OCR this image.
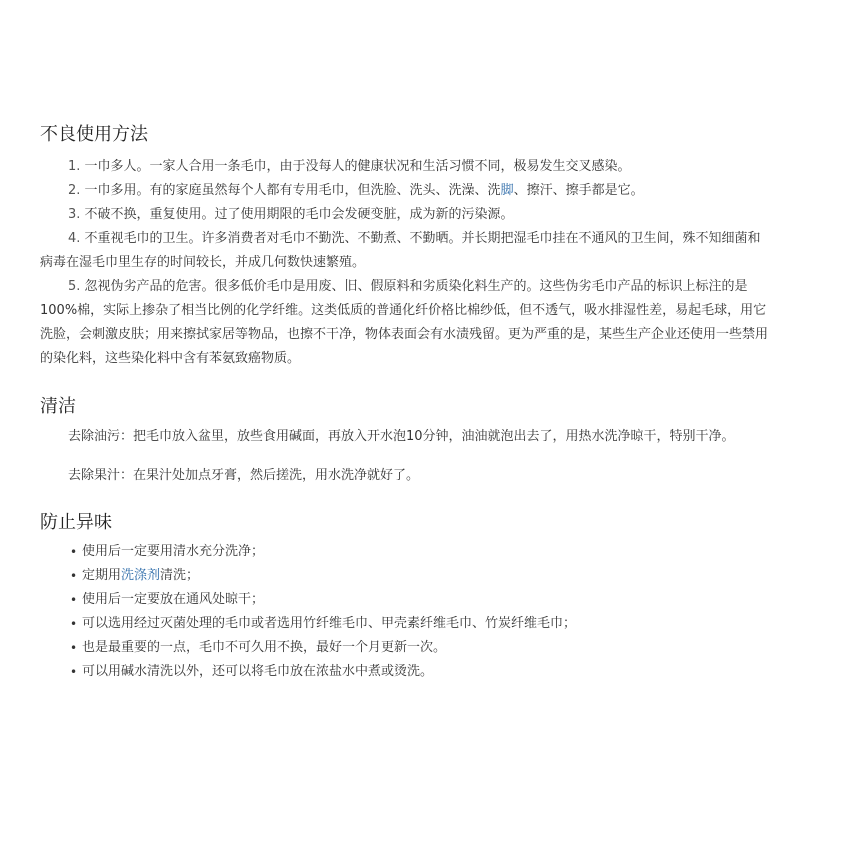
不良使用方法
1. 一巾多人。一家人合用一条毛巾，由于没每人的健康状况和生活习惯不同，极易发生交叉感染。
2. 一巾多用。有的家庭虽然每个人都有专用毛巾，但洗脸、洗头、洗澡、洗脚、擦汗、擦手都是它。
3. 不破不换，重复使用。过了使用期限的毛巾会发硬变脏，成为新的污染源。
4. 不重视毛巾的卫生。许多消费者对毛巾不勤洗、不勤煮、不勤晒。并长期把湿毛巾挂在不通风的卫生间，殊不知细菌和
病毒在湿毛巾里生存的时间较长，并成几何数快速繁殖。
5. 忽视伪劣产品的危害。很多低价毛巾是用废、旧、假原料和劣质染化料生产的。这些伪劣毛巾产品的标识上标注的是
100%棉，实际上掺杂了相当比例的化学纤维。这类低质的普通化纤价格比棉纱低，但不透气，吸水排湿性差，易起毛球，用它
洗脸，会刺激皮肤；用来擦拭家居等物品，也擦不干净，物体表面会有水渍残留。更为严重的是，某些生产企业还使用一些禁用
的染化料，这些染化料中含有苯氨致癌物质。
清洁
去除油污：把毛巾放入盆里，放些食用碱面，再放入开水泡10分钟，油油就泡出去了，用热水洗净晾干，特别干净。
去除果汁：在果汁处加点牙膏，然后搓洗，用水洗净就好了。
防止异味
• 使用后一定要用清水充分洗净；
• 定期用洗涤剂清洗；
• 使用后一定要放在通风处晾干；
• 可以选用经过灭菌处理的毛巾或者选用竹纤维毛巾、甲壳素纤维毛巾、竹炭纤维毛巾；
• 也是最重要的一点，毛巾不可久用不换，最好一个月更新一次。
• 可以用碱水清洗以外，还可以将毛巾放在浓盐水中煮或烫洗。
